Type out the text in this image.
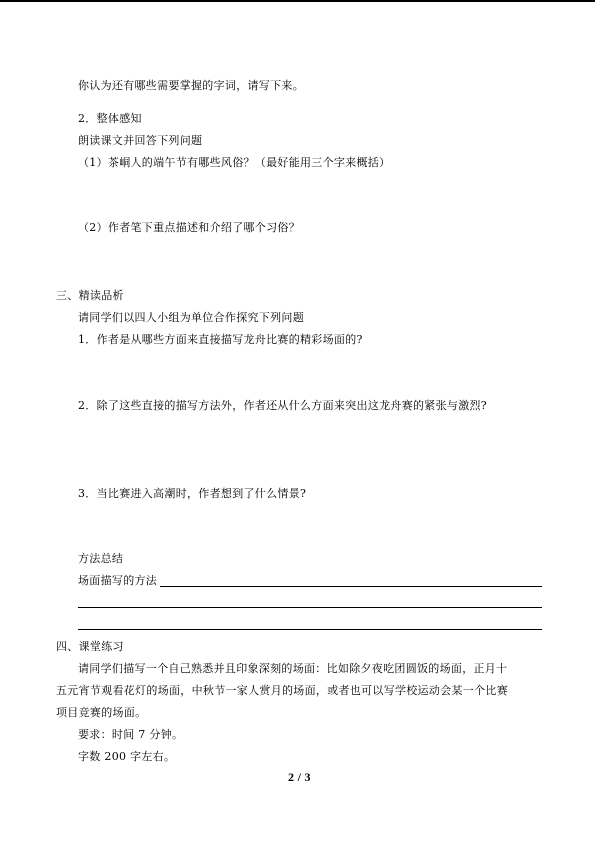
你认为还有哪些需要掌握的字词，请写下来。
2．整体感知
朗读课文并回答下列问题
（1）茶峒人的端午节有哪些风俗？（最好能用三个字来概括）
（2）作者笔下重点描述和介绍了哪个习俗？
三、精读品析
请同学们以四人小组为单位合作探究下列问题
1．作者是从哪些方面来直接描写龙舟比赛的精彩场面的?
2．除了这些直接的描写方法外，作者还从什么方面来突出这龙舟赛的紧张与激烈?
3．当比赛进入高潮时，作者想到了什么情景?
方法总结
场面描写的方法
四、课堂练习
请同学们描写一个自己熟悉并且印象深刻的场面：比如除夕夜吃团圆饭的场面，正月十
五元宵节观看花灯的场面，中秋节一家人赏月的场面，或者也可以写学校运动会某一个比赛
项目竞赛的场面。
要求：时间 7 分钟。
字数 200 字左右。
2 / 3
